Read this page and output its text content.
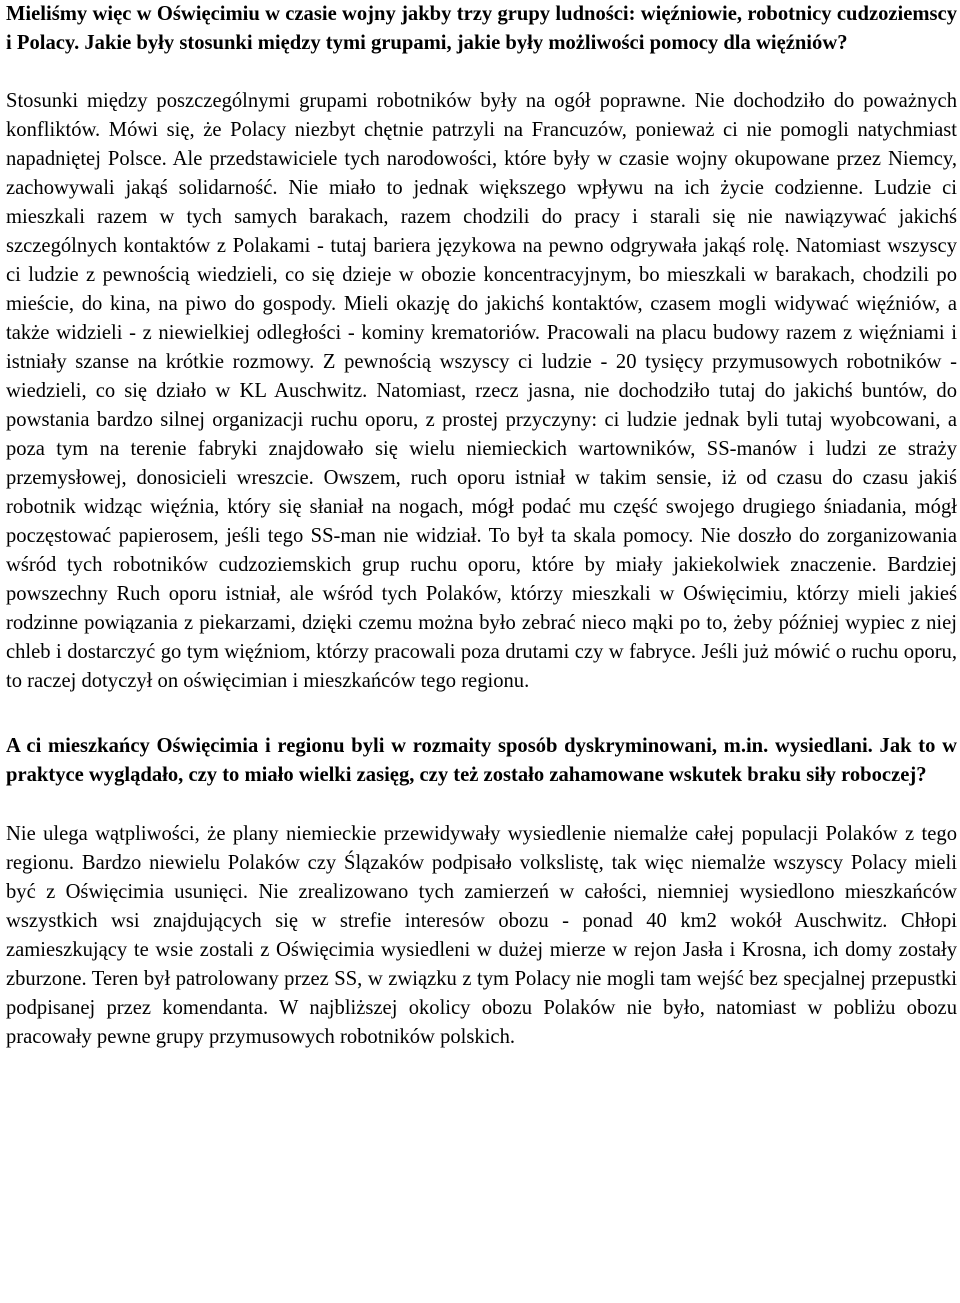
Mieliśmy więc w Oświęcimiu w czasie wojny jakby trzy grupy ludności: więźniowie, robotnicy cudzoziemscy i Polacy. Jakie były stosunki między tymi grupami, jakie były możliwości pomocy dla więźniów?

Stosunki między poszczególnymi grupami robotników były na ogół poprawne. Nie dochodziło do poważnych konfliktów. Mówi się, że Polacy niezbyt chętnie patrzyli na Francuzów, ponieważ ci nie pomogli natychmiast napadniętej Polsce. Ale przedstawiciele tych narodowości, które były w czasie wojny okupowane przez Niemcy, zachowywali jakąś solidarność. Nie miało to jednak większego wpływu na ich życie codzienne. Ludzie ci mieszkali razem w tych samych barakach, razem chodzili do pracy i starali się nie nawiązywać jakichś szczególnych kontaktów z Polakami - tutaj bariera językowa na pewno odgrywała jakąś rolę. Natomiast wszyscy ci ludzie z pewnością wiedzieli, co się dzieje w obozie koncentracyjnym, bo mieszkali w barakach, chodzili po mieście, do kina, na piwo do gospody. Mieli okazję do jakichś kontaktów, czasem mogli widywać więźniów, a także widzieli - z niewielkiej odległości - kominy krematoriów. Pracowali na placu budowy razem z więźniami i istniały szanse na krótkie rozmowy. Z pewnością wszyscy ci ludzie - 20 tysięcy przymusowych robotników - wiedzieli, co się działo w KL Auschwitz. Natomiast, rzecz jasna, nie dochodziło tutaj do jakichś buntów, do powstania bardzo silnej organizacji ruchu oporu, z prostej przyczyny: ci ludzie jednak byli tutaj wyobcowani, a poza tym na terenie fabryki znajdowało się wielu niemieckich wartowników, SS-manów i ludzi ze straży przemysłowej, donosicieli wreszcie. Owszem, ruch oporu istniał w takim sensie, iż od czasu do czasu jakiś robotnik widząc więźnia, który się słaniał na nogach, mógł podać mu część swojego drugiego śniadania, mógł poczęstować papierosem, jeśli tego SS-man nie widział. To był ta skala pomocy. Nie doszło do zorganizowania wśród tych robotników cudzoziemskich grup ruchu oporu, które by miały jakiekolwiek znaczenie. Bardziej powszechny Ruch oporu istniał, ale wśród tych Polaków, którzy mieszkali w Oświęcimiu, którzy mieli jakieś rodzinne powiązania z piekarzami, dzięki czemu można było zebrać nieco mąki po to, żeby później wypiec z niej chleb i dostarczyć go tym więźniom, którzy pracowali poza drutami czy w fabryce. Jeśli już mówić o ruchu oporu, to raczej dotyczył on oświęcimian i mieszkańców tego regionu.

A ci mieszkańcy Oświęcimia i regionu byli w rozmaity sposób dyskryminowani, m.in. wysiedlani. Jak to w praktyce wyglądało, czy to miało wielki zasięg, czy też zostało zahamowane wskutek braku siły roboczej?

Nie ulega wątpliwości, że plany niemieckie przewidywały wysiedlenie niemalże całej populacji Polaków z tego regionu. Bardzo niewielu Polaków czy Ślązaków podpisało volkslistę, tak więc niemalże wszyscy Polacy mieli być z Oświęcimia usunięci. Nie zrealizowano tych zamierzeń w całości, niemniej wysiedlono mieszkańców wszystkich wsi znajdujących się w strefie interesów obozu - ponad 40 km2 wokół Auschwitz. Chłopi zamieszkujący te wsie zostali z Oświęcimia wysiedleni w dużej mierze w rejon Jasła i Krosna, ich domy zostały zburzone. Teren był patrolowany przez SS, w związku z tym Polacy nie mogli tam wejść bez specjalnej przepustki podpisanej przez komendanta. W najbliższej okolicy obozu Polaków nie było, natomiast w pobliżu obozu pracowały pewne grupy przymusowych robotników polskich.
